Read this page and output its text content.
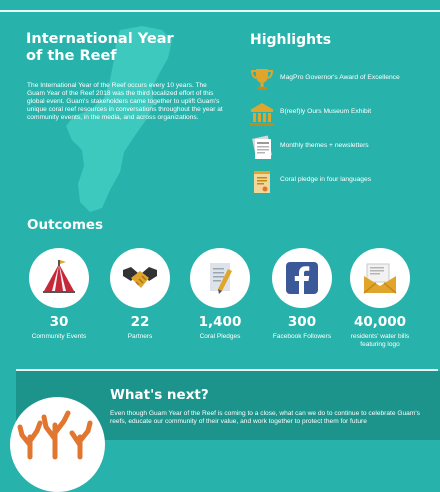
International Year of the Reef

The International Year of the Reef occurs every 10 years. The Guam Year of the Reef 2018 was the third localized effort of this global event. Guam's stakeholders came together to uplift Guam's unique coral reef resources in conversations throughout the year at community events, in the media, and across organizations.

Highlights
MagPro Governor's Award of Excellence
B(reef)ly Ours Museum Exhibit
Monthly themes + newsletters
Coral pledge in four languages
Outcomes
30
Community Events
22
Partners
1,400
Coral Pledges
300
Facebook Followers
40,000
residents' water bills featuring logo
What's next?

Even though Guam Year of the Reef is coming to a close, what can we do to continue to celebrate Guam's reefs, educate our community of their value, and work together to protect them for future
